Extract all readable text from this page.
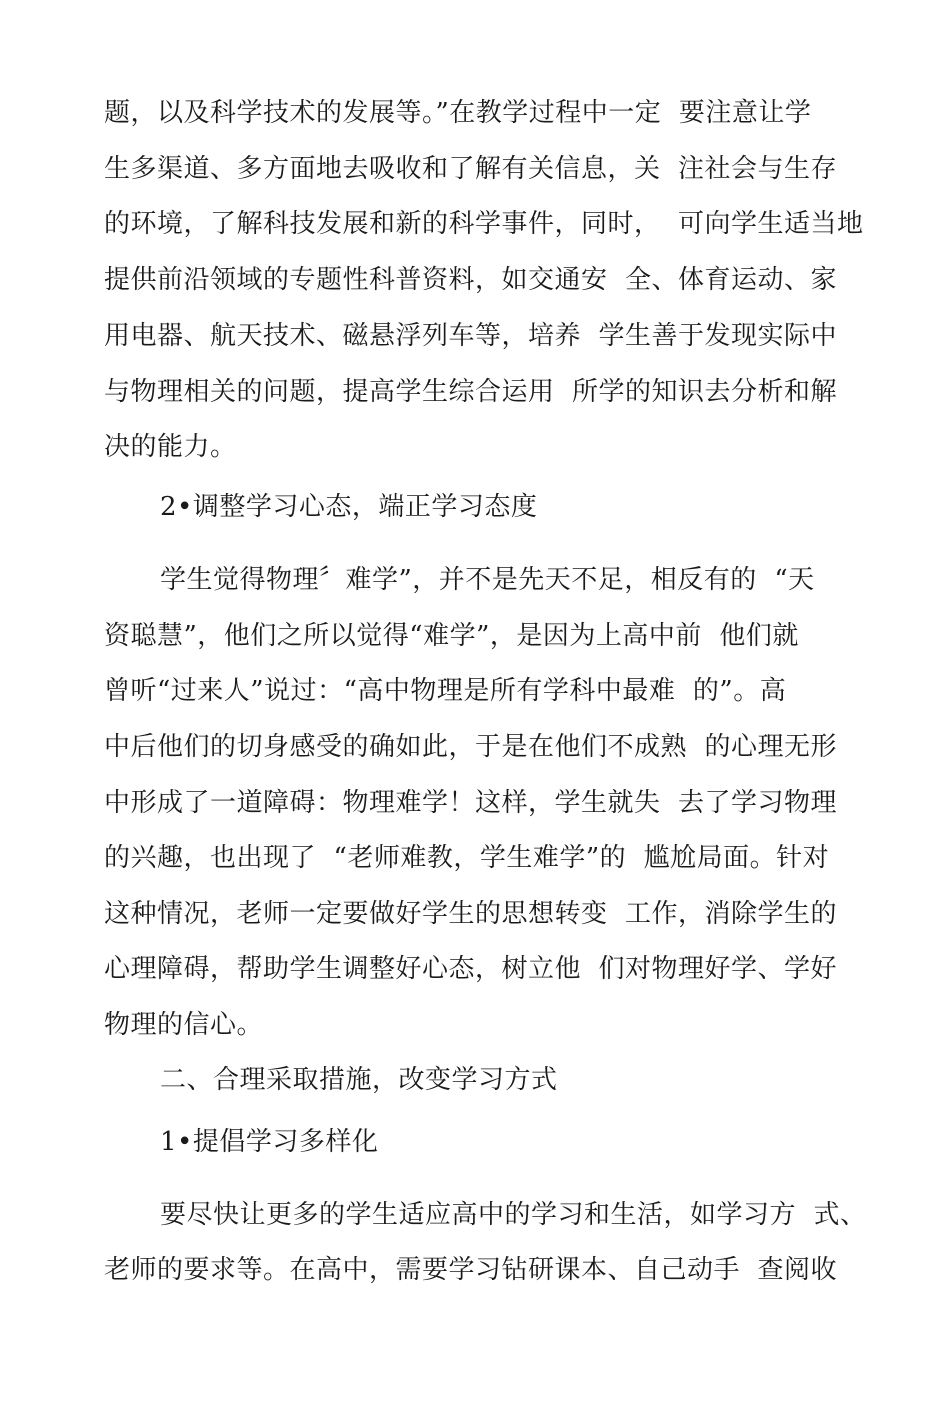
题，以及科学技术的发展等。”在教学过程中一定  要注意让学
生多渠道、多方面地去吸收和了解有关信息，关  注社会与生存
的环境，了解科技发展和新的科学事件，同时，  可向学生适当地
提供前沿领域的专题性科普资料，如交通安  全、体育运动、家
用电器、航天技术、磁悬浮列车等，培养  学生善于发现实际中
与物理相关的问题，提高学生综合运用  所学的知识去分析和解
决的能力。
2•调整学习心态，端正学习态度
学生觉得物理〞难学”，并不是先天不足，相反有的  “天
资聪慧”，他们之所以觉得“难学”，是因为上高中前  他们就
曾听“过来人”说过：“高中物理是所有学科中最难  的”。高
中后他们的切身感受的确如此，于是在他们不成熟  的心理无形
中形成了一道障碍：物理难学！这样，学生就失  去了学习物理
的兴趣，也出现了  “老师难教，学生难学”的  尴尬局面。针对
这种情况，老师一定要做好学生的思想转变  工作，消除学生的
心理障碍，帮助学生调整好心态，树立他  们对物理好学、学好
物理的信心。
二、合理采取措施，改变学习方式
1•提倡学习多样化
要尽快让更多的学生适应高中的学习和生活，如学习方  式、
老师的要求等。在高中，需要学习钻研课本、自己动手  查阅收
